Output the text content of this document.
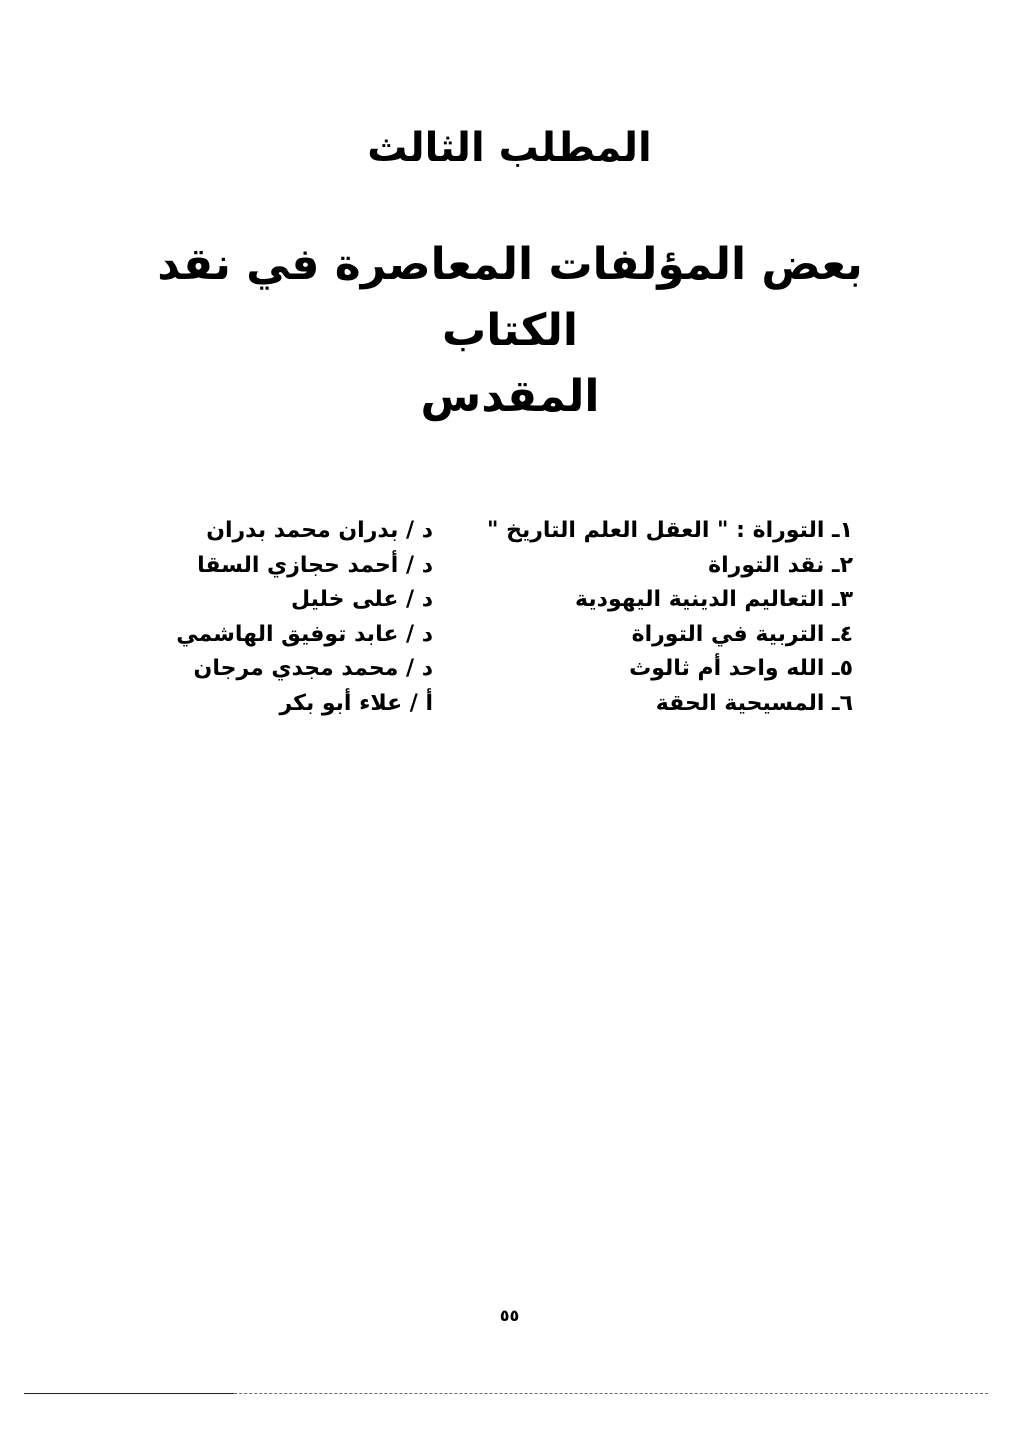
المطلب الثالث
بعض المؤلفات المعاصرة في نقد الكتاب
المقدس
١ـ التوراة : " العقل العلم التاريخ "
٢ـ نقد التوراة
٣ـ التعاليم الدينية اليهودية
٤ـ التربية في التوراة
٥ـ الله واحد أم ثالوث
٦ـ المسيحية الحقة
د / بدران محمد بدران
د / أحمد حجازي السقا
د / على خليل
د / عابد توفيق الهاشمي
د / محمد مجدي مرجان
أ / علاء أبو بكر
٥٥
